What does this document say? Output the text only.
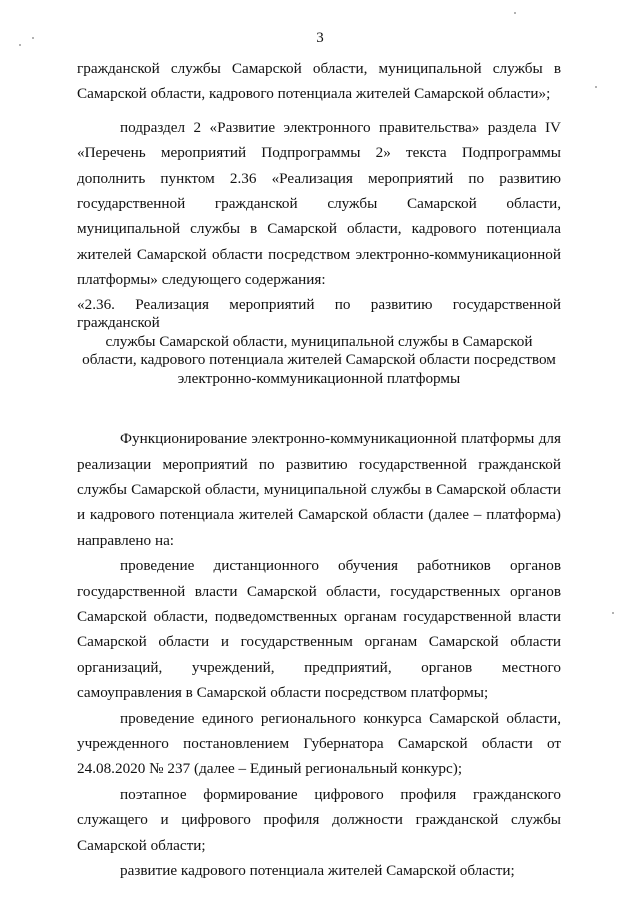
3

гражданской службы Самарской области, муниципальной службы в Самарской области, кадрового потенциала жителей Самарской области»;

подраздел 2 «Развитие электронного правительства» раздела IV «Перечень мероприятий Подпрограммы 2» текста Подпрограммы дополнить пунктом 2.36 «Реализация мероприятий по развитию государственной гражданской службы Самарской области, муниципальной службы в Самарской области, кадрового потенциала жителей Самарской области посредством электронно-коммуникационной платформы» следующего содержания:

«2.36. Реализация мероприятий по развитию государственной гражданской
службы Самарской области, муниципальной службы в Самарской области, кадрового потенциала жителей Самарской области посредством электронно-коммуникационной платформы

Функционирование электронно-коммуникационной платформы для реализации мероприятий по развитию государственной гражданской службы Самарской области, муниципальной службы в Самарской области и кадрового потенциала жителей Самарской области (далее – платформа) направлено на:

проведение дистанционного обучения работников органов государственной власти Самарской области, государственных органов Самарской области, подведомственных органам государственной власти Самарской области и государственным органам Самарской области организаций, учреждений, предприятий, органов местного самоуправления в Самарской области посредством платформы;

проведение единого регионального конкурса Самарской области, учрежденного постановлением Губернатора Самарской области от 24.08.2020 № 237 (далее – Единый региональный конкурс);

поэтапное формирование цифрового профиля гражданского служащего и цифрового профиля должности гражданской службы Самарской области;

развитие кадрового потенциала жителей Самарской области;
